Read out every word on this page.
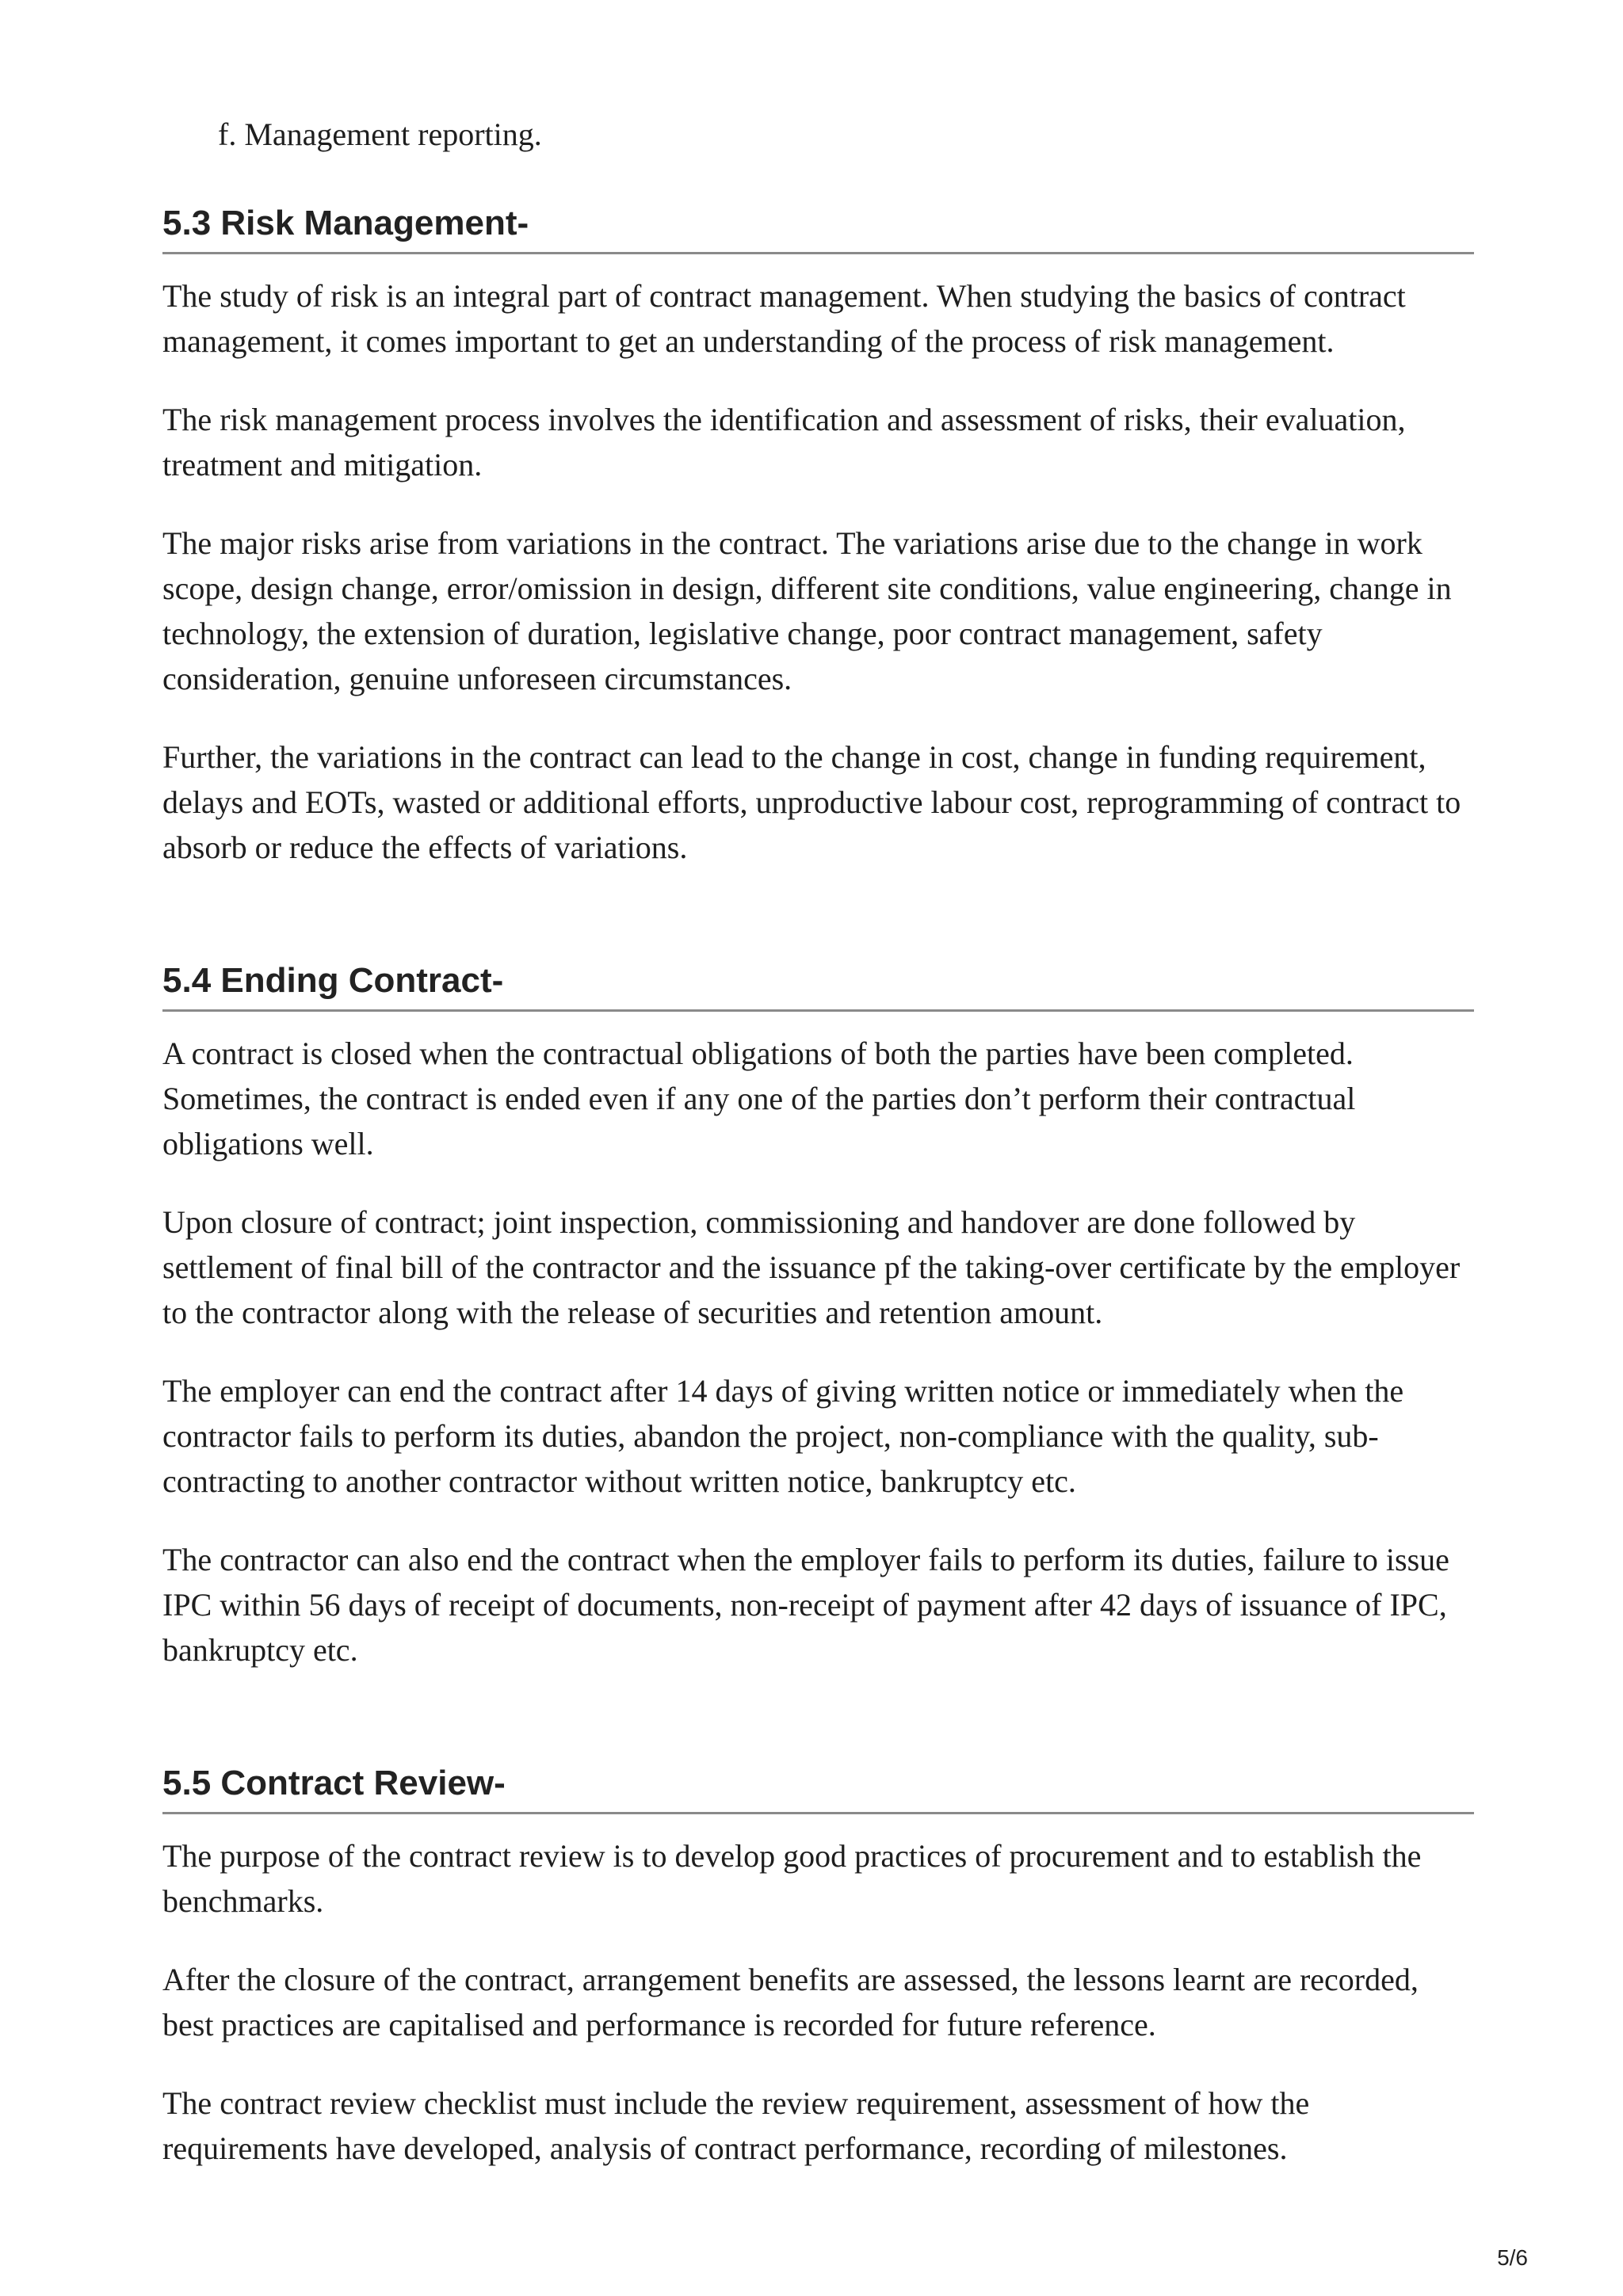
f. Management reporting.

5.3 Risk Management-

The study of risk is an integral part of contract management. When studying the basics of contract management, it comes important to get an understanding of the process of risk management.

The risk management process involves the identification and assessment of risks, their evaluation, treatment and mitigation.

The major risks arise from variations in the contract. The variations arise due to the change in work scope, design change, error/omission in design, different site conditions, value engineering, change in technology, the extension of duration, legislative change, poor contract management, safety consideration, genuine unforeseen circumstances.

Further, the variations in the contract can lead to the change in cost, change in funding requirement, delays and EOTs, wasted or additional efforts, unproductive labour cost, reprogramming of contract to absorb or reduce the effects of variations.

5.4 Ending Contract-

A contract is closed when the contractual obligations of both the parties have been completed. Sometimes, the contract is ended even if any one of the parties don’t perform their contractual obligations well.

Upon closure of contract; joint inspection, commissioning and handover are done followed by settlement of final bill of the contractor and the issuance pf the taking-over certificate by the employer to the contractor along with the release of securities and retention amount.

The employer can end the contract after 14 days of giving written notice or immediately when the contractor fails to perform its duties, abandon the project, non-compliance with the quality, sub-contracting to another contractor without written notice, bankruptcy etc.

The contractor can also end the contract when the employer fails to perform its duties, failure to issue IPC within 56 days of receipt of documents, non-receipt of payment after 42 days of issuance of IPC, bankruptcy etc.

5.5 Contract Review-

The purpose of the contract review is to develop good practices of procurement and to establish the benchmarks.

After the closure of the contract, arrangement benefits are assessed, the lessons learnt are recorded, best practices are capitalised and performance is recorded for future reference.

The contract review checklist must include the review requirement, assessment of how the requirements have developed, analysis of contract performance, recording of milestones.

5/6
